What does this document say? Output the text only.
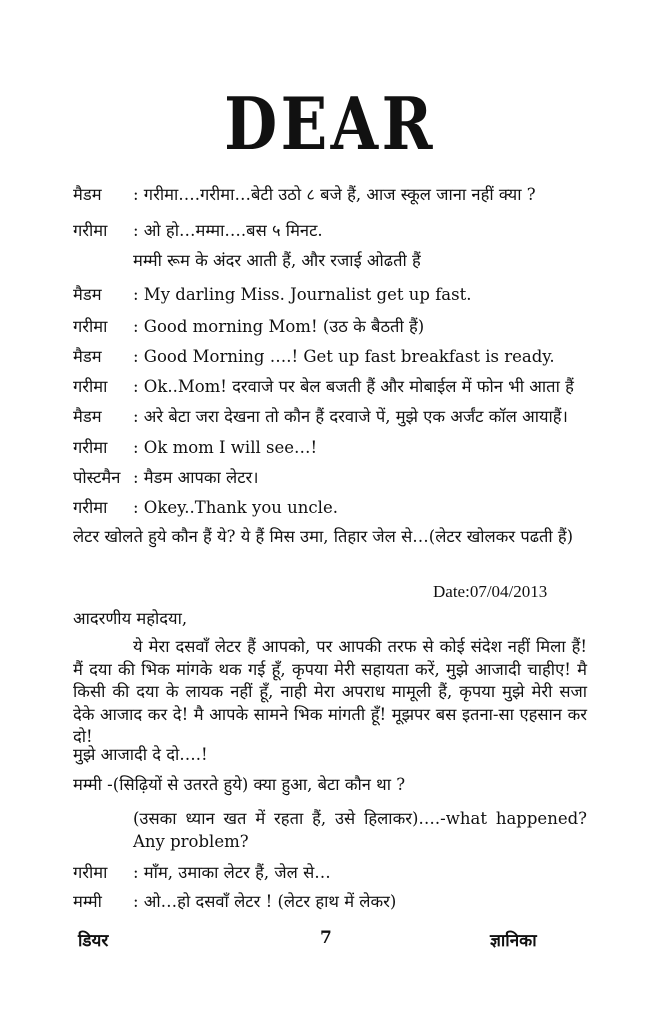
DEAR
मैडम : गरीमा….गरीमा…बेटी उठो ८ बजे हैं, आज स्कूल जाना नहीं क्या ?
गरीमा : ओ हो…मम्मा….बस ५ मिनट.
मम्मी रूम के अंदर आती हैं, और रजाई ओढती हैं
मैडम : My darling Miss. Journalist get up fast.
गरीमा : Good morning Mom! (उठ के बैठती हैं)
मैडम : Good Morning ….! Get up fast breakfast is ready.
गरीमा : Ok..Mom! दरवाजे पर बेल बजती हैं और मोबाईल में फोन भी आता हैं
मैडम : अरे बेटा जरा देखना तो कौन हैं दरवाजे पें, मुझे एक अर्जंट कॉल आयाहैं।
गरीमा : Ok mom I will see…!
पोस्टमैन : मैडम आपका लेटर।
गरीमा : Okey..Thank you uncle.

लेटर खोलते हुये कौन हैं ये? ये हैं मिस उमा, तिहार जेल से…(लेटर खोलकर पढती हैं)

Date:07/04/2013
आदरणीय महोदया,

ये मेरा दसवाँ लेटर हैं आपको, पर आपकी तरफ से कोई संदेश नहीं मिला हैं! मैं दया की भिक मांगके थक गई हूँ, कृपया मेरी सहायता करें, मुझे आजादी चाहीए! मै किसी की दया के लायक नहीं हूँ, नाही मेरा अपराध मामूली हैं, कृपया मुझे मेरी सजा देके आजाद कर दे! मै आपके सामने भिक मांगती हूँ! मूझपर बस इतना-सा एहसान कर दो!

मुझे आजादी दे दो….!
मम्मी -(सिढ़ियों से उतरते हुये) क्या हुआ, बेटा कौन था ?

(उसका ध्यान खत में रहता हैं, उसे हिलाकर)….-what happened? Any problem?

गरीमा : मॉंम, उमाका लेटर हैं, जेल से…
मम्मी : ओ…हो दसवाँ लेटर ! (लेटर हाथ में लेकर)
डियर	7	ज्ञानिका
